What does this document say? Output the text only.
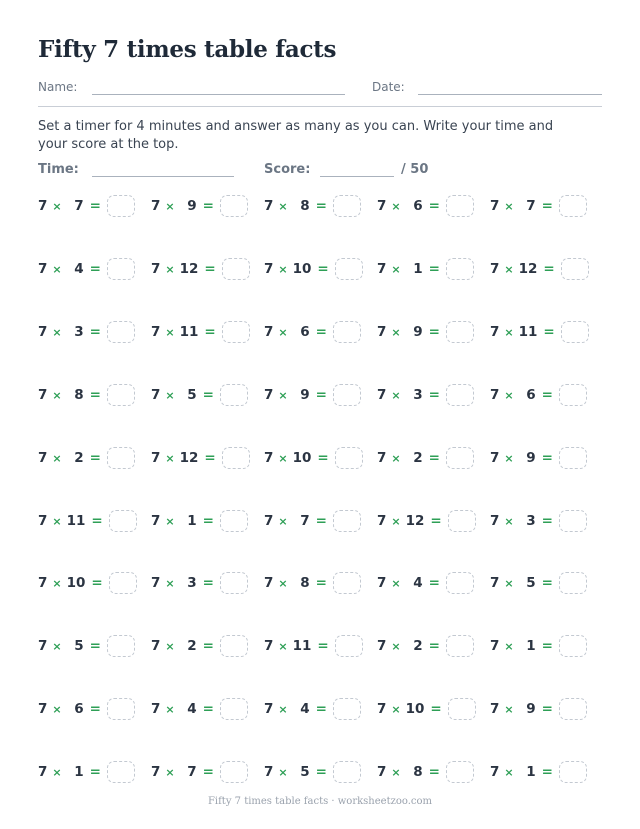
Fifty 7 times table facts
Name:	Date:

Set a timer for 4 minutes and answer as many as you can. Write your time and your score at the top.

Time:	Score:	/ 50
7 × 7 =	7 × 9 =	7 × 8 =	7 × 6 =	7 × 7 =
7 × 4 =	7 × 12 =	7 × 10 =	7 × 1 =	7 × 12 =
7 × 3 =	7 × 11 =	7 × 6 =	7 × 9 =	7 × 11 =
7 × 8 =	7 × 5 =	7 × 9 =	7 × 3 =	7 × 6 =
7 × 2 =	7 × 12 =	7 × 10 =	7 × 2 =	7 × 9 =
7 × 11 =	7 × 1 =	7 × 7 =	7 × 12 =	7 × 3 =
7 × 10 =	7 × 3 =	7 × 8 =	7 × 4 =	7 × 5 =
7 × 5 =	7 × 2 =	7 × 11 =	7 × 2 =	7 × 1 =
7 × 6 =	7 × 4 =	7 × 4 =	7 × 10 =	7 × 9 =
7 × 1 =	7 × 7 =	7 × 5 =	7 × 8 =	7 × 1 =
Fifty 7 times table facts · worksheetzoo.com
